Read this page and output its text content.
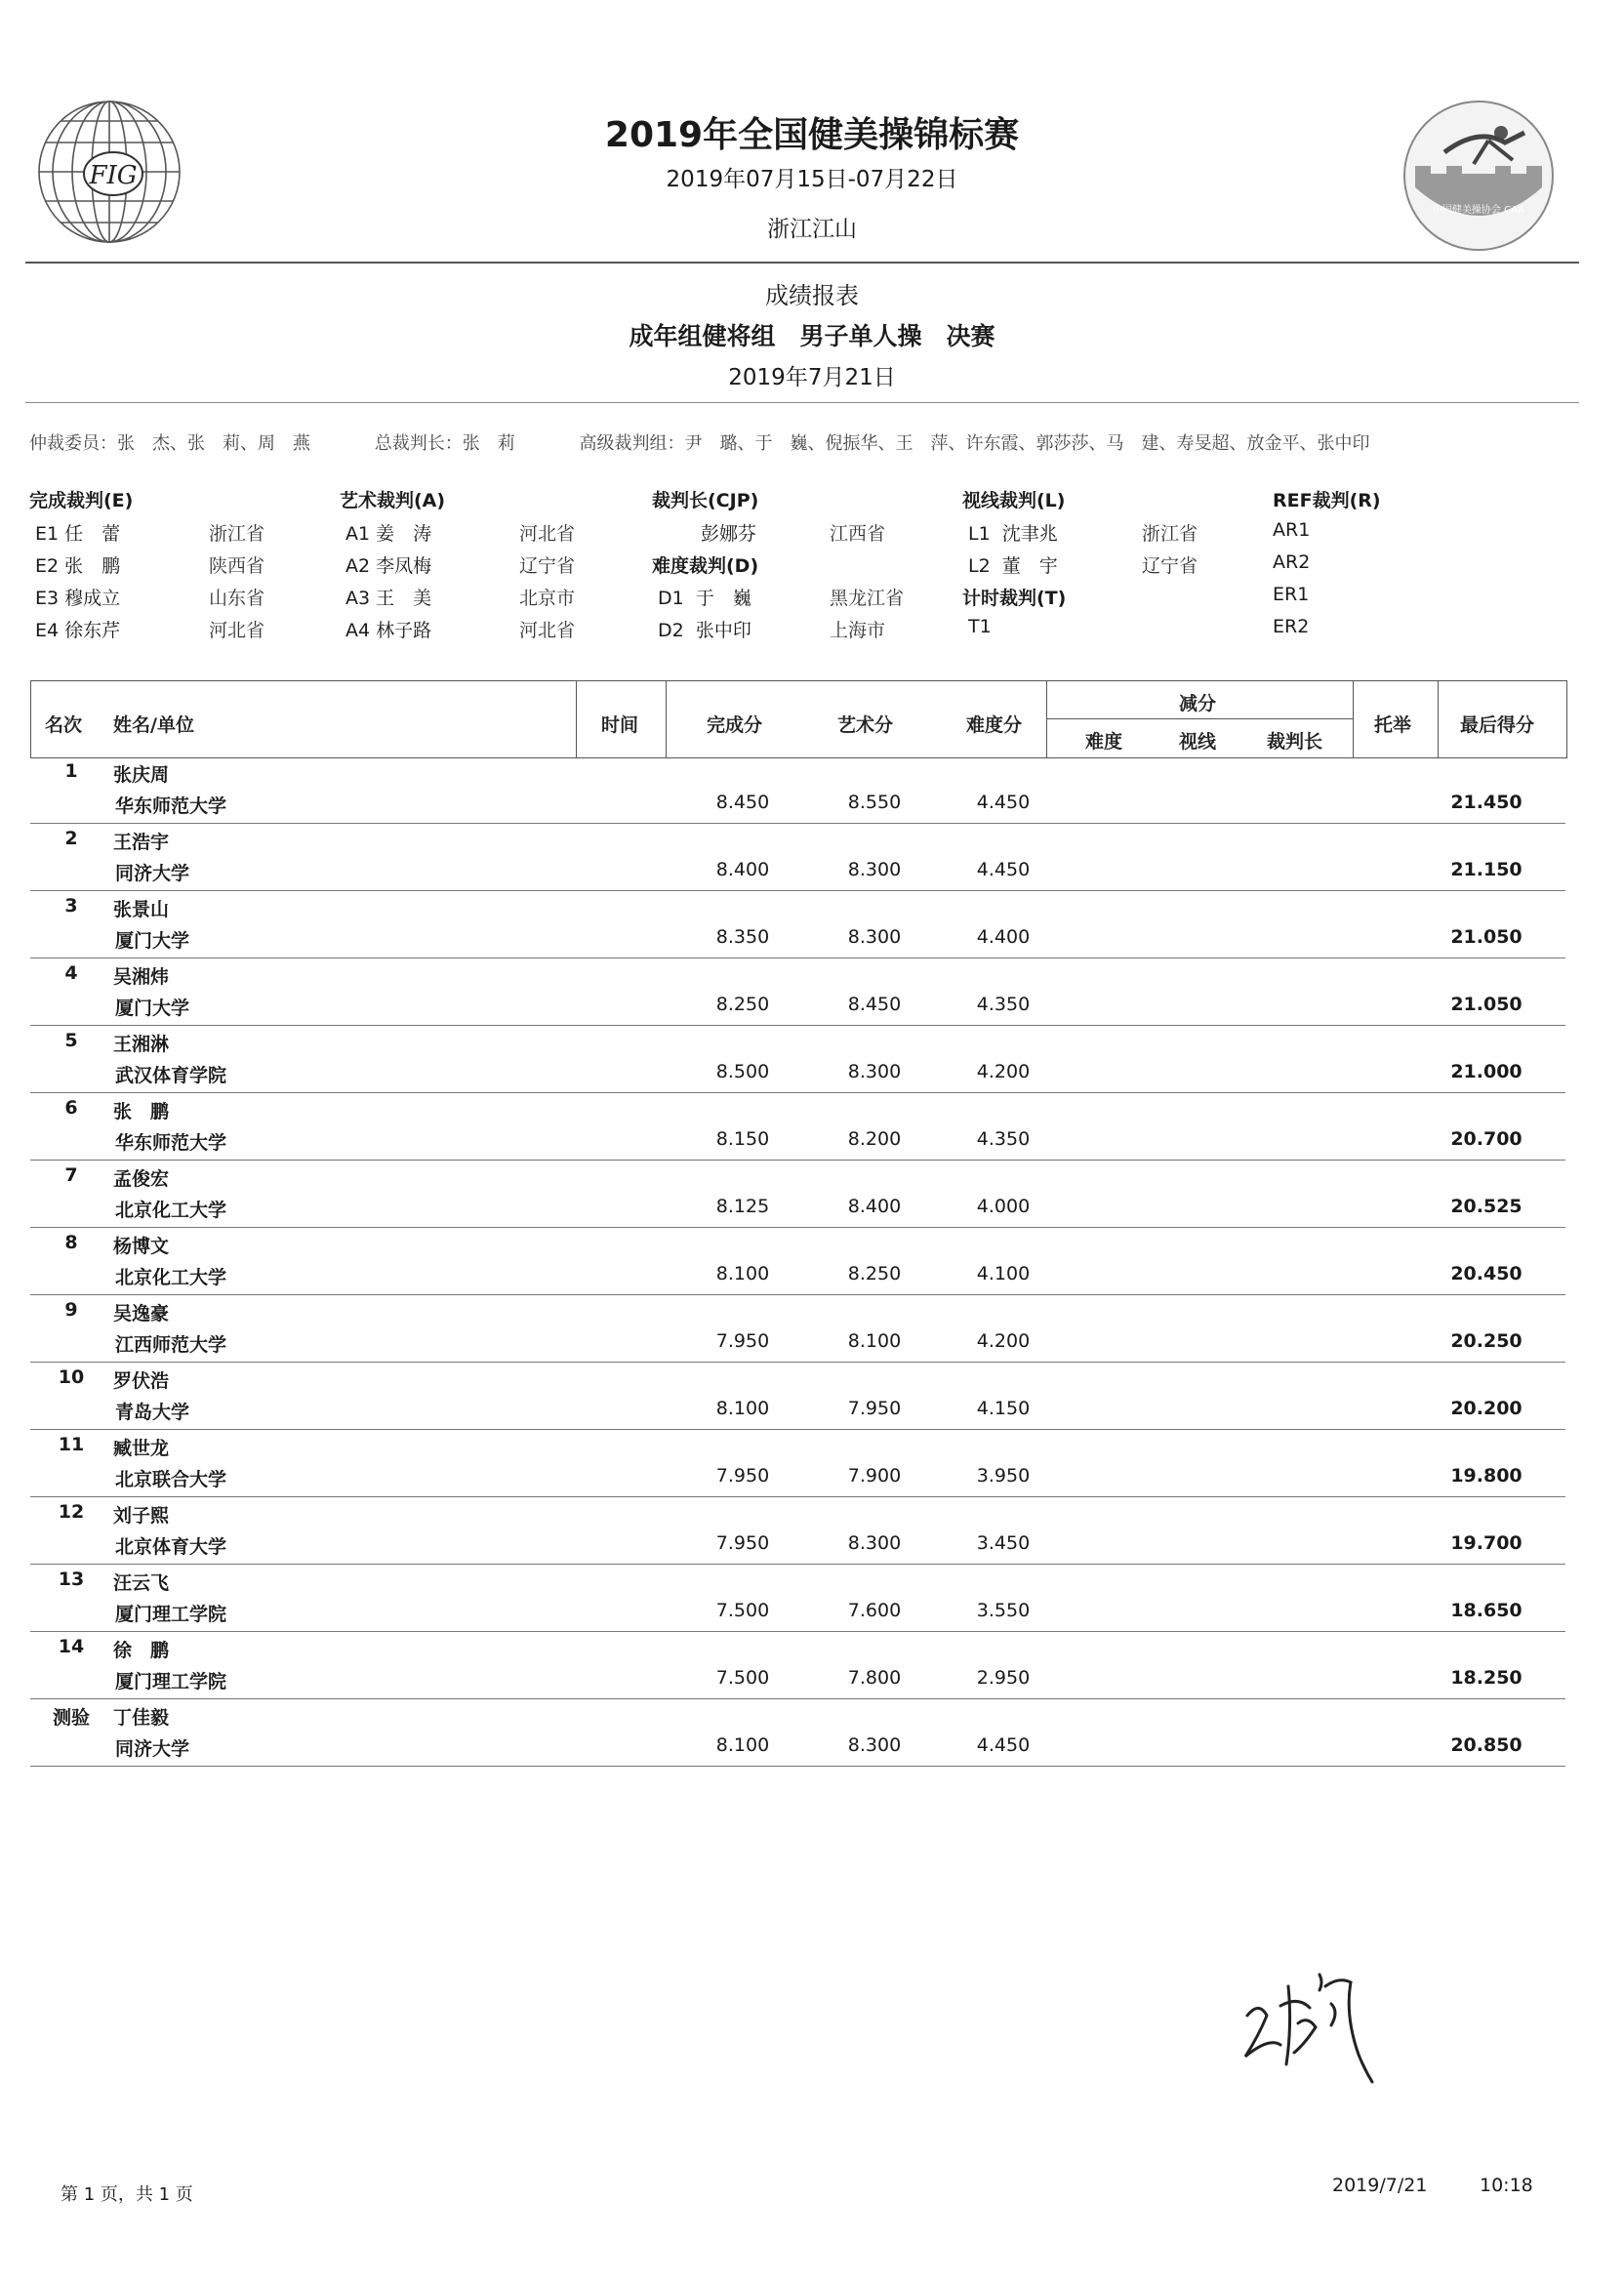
FIG
中国健美操协会 CAA
2019年全国健美操锦标赛
2019年07月15日-07月22日
浙江江山
成绩报表
成年组健将组　男子单人操　决赛
2019年7月21日
仲裁委员：张　杰、张　莉、周　燕	总裁判长：张　莉	高级裁判组：尹　璐、于　巍、倪振华、王　萍、许东霞、郭莎莎、马　建、寿旻超、放金平、张中印
完成裁判(E)
E1 任　蕾	浙江省
E2 张　鹏	陕西省
E3 穆成立	山东省
E4 徐东芹	河北省
艺术裁判(A)
A1 姜　涛	河北省
A2 李凤梅	辽宁省
A3 王　美	北京市
A4 林子路	河北省
裁判长(CJP)
彭娜芬	江西省
难度裁判(D)
D1 于　巍	黑龙江省
D2 张中印	上海市
视线裁判(L)
L1 沈聿兆	浙江省
L2 董　宇	辽宁省
计时裁判(T)
T1
REF裁判(R)
AR1
AR2
ER1
ER2
名次 姓名/单位	时间	完成分	艺术分	难度分
减分
难度	视线	裁判长
托举	最后得分
1	张庆周
华东师范大学	8.450	8.550	4.450	21.450
2	王浩宇
同济大学	8.400	8.300	4.450	21.150
3	张景山
厦门大学	8.350	8.300	4.400	21.050
4	吴湘炜
厦门大学	8.250	8.450	4.350	21.050
5	王湘淋
武汉体育学院	8.500	8.300	4.200	21.000
6	张　鹏
华东师范大学	8.150	8.200	4.350	20.700
7	孟俊宏
北京化工大学	8.125	8.400	4.000	20.525
8	杨博文
北京化工大学	8.100	8.250	4.100	20.450
9	吴逸豪
江西师范大学	7.950	8.100	4.200	20.250
10	罗伏浩
青岛大学	8.100	7.950	4.150	20.200
11	臧世龙
北京联合大学	7.950	7.900	3.950	19.800
12	刘子熙
北京体育大学	7.950	8.300	3.450	19.700
13	汪云飞
厦门理工学院	7.500	7.600	3.550	18.650
14	徐　鹏
厦门理工学院	7.500	7.800	2.950	18.250
测验	丁佳毅
同济大学	8.100	8.300	4.450	20.850
第 1 页，共 1 页	2019/7/21	10:18
